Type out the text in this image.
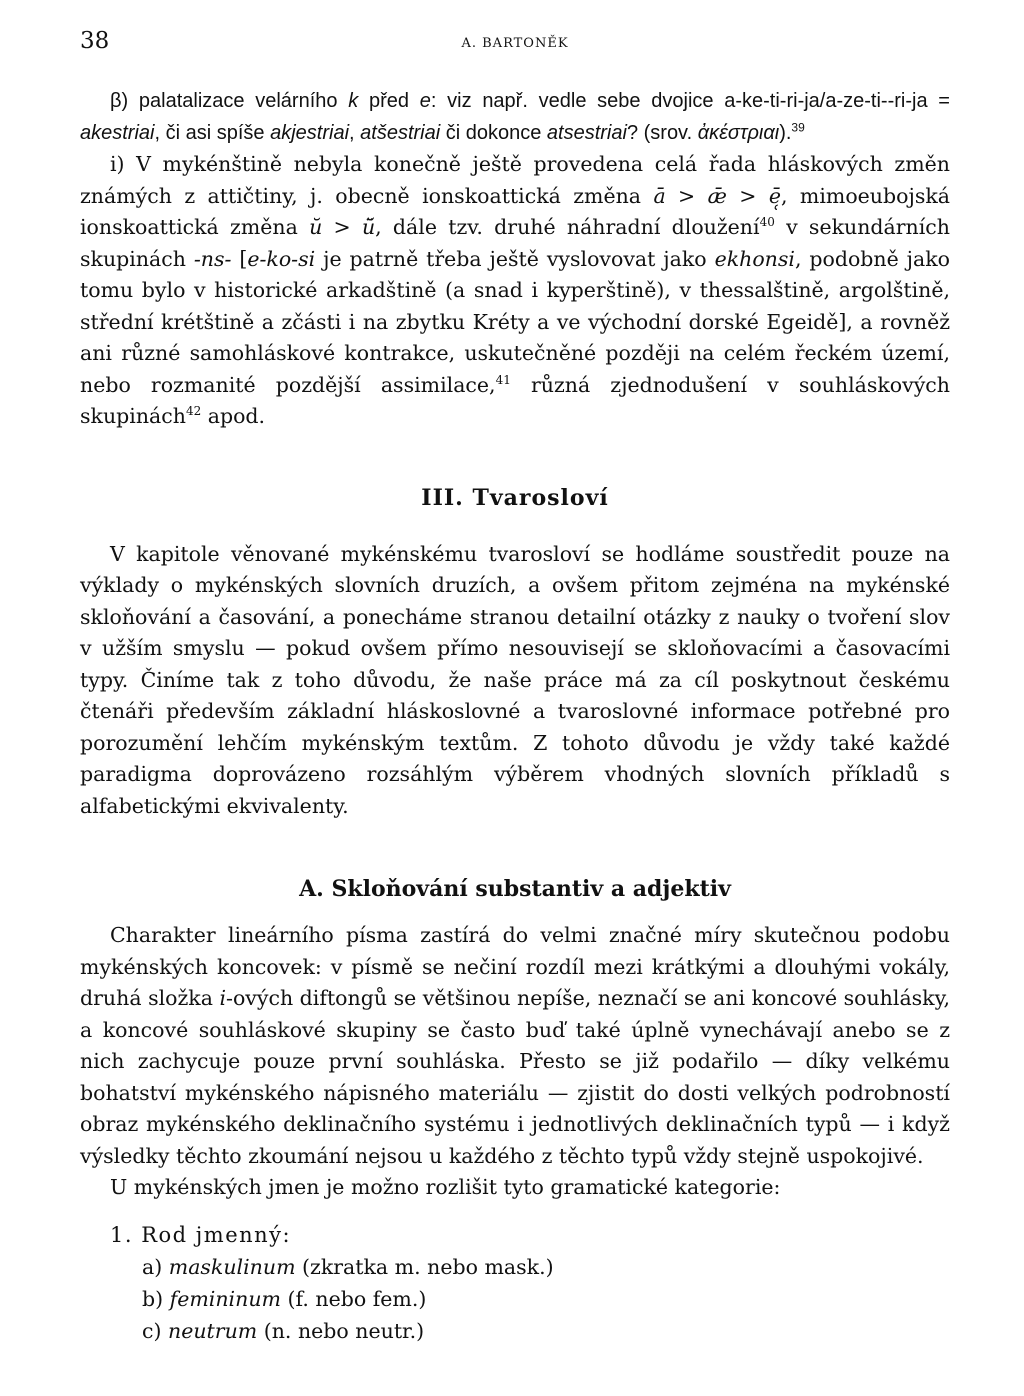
38	A. BARTONĚK

β) palatalizace velárního k před e: viz např. vedle sebe dvojice a-ke-ti-ri-ja/a-ze-ti--ri-ja = akestriai, či asi spíše akjestriai, atšestriai či dokonce atsestriai? (srov. ἀκέστριαι).$^{39}$

i) V mykénštině nebyla konečně ještě provedena celá řada hláskových změn známých z attičtiny, j. obecně ionskoattická změna ā > ǣ > ē̜, mimoeubojská ionskoattická změna ŭ > ü̆, dále tzv. druhé náhradní dloužení$^{40}$ v sekundárních skupinách -ns- [e-ko-si je patrně třeba ještě vyslovovat jako ekhonsi, podobně jako tomu bylo v historické arkadštině (a snad i kyperštině), v thessalštině, argolštině, střední krétštině a zčásti i na zbytku Kréty a ve východní dorské Egeidě], a rovněž ani různé samohláskové kontrakce, uskutečněné později na celém řeckém území, nebo rozmanité pozdější assimilace,$^{41}$ různá zjednodušení v souhláskových skupinách$^{42}$ apod.

III. Tvarosloví

V kapitole věnované mykénskému tvarosloví se hodláme soustředit pouze na výklady o mykénských slovních druzích, a ovšem přitom zejména na mykénské skloňování a časování, a ponecháme stranou detailní otázky z nauky o tvoření slov v užším smyslu — pokud ovšem přímo nesouvisejí se skloňovacími a časovacími typy. Činíme tak z toho důvodu, že naše práce má za cíl poskytnout českému čtenáři především základní hláskoslovné a tvaroslovné informace potřebné pro porozumění lehčím mykénským textům. Z tohoto důvodu je vždy také každé paradigma doprovázeno rozsáhlým výběrem vhodných slovních příkladů s alfabetickými ekvivalenty.

A. Skloňování substantiv a adjektiv

Charakter lineárního písma zastírá do velmi značné míry skutečnou podobu mykénských koncovek: v písmě se nečiní rozdíl mezi krátkými a dlouhými vokály, druhá složka i-ových diftongů se většinou nepíše, neznačí se ani koncové souhlásky, a koncové souhláskové skupiny se často buď také úplně vynechávají anebo se z nich zachycuje pouze první souhláska. Přesto se již podařilo — díky velkému bohatství mykénského nápisného materiálu — zjistit do dosti velkých podrobností obraz mykénského deklinačního systému i jednotlivých deklinačních typů — i když výsledky těchto zkoumání nejsou u každého z těchto typů vždy stejně uspokojivé.

U mykénských jmen je možno rozlišit tyto gramatické kategorie:

1. Rod jmenný:

a) maskulinum (zkratka m. nebo mask.)
b) femininum (f. nebo fem.)
c) neutrum (n. nebo neutr.)
